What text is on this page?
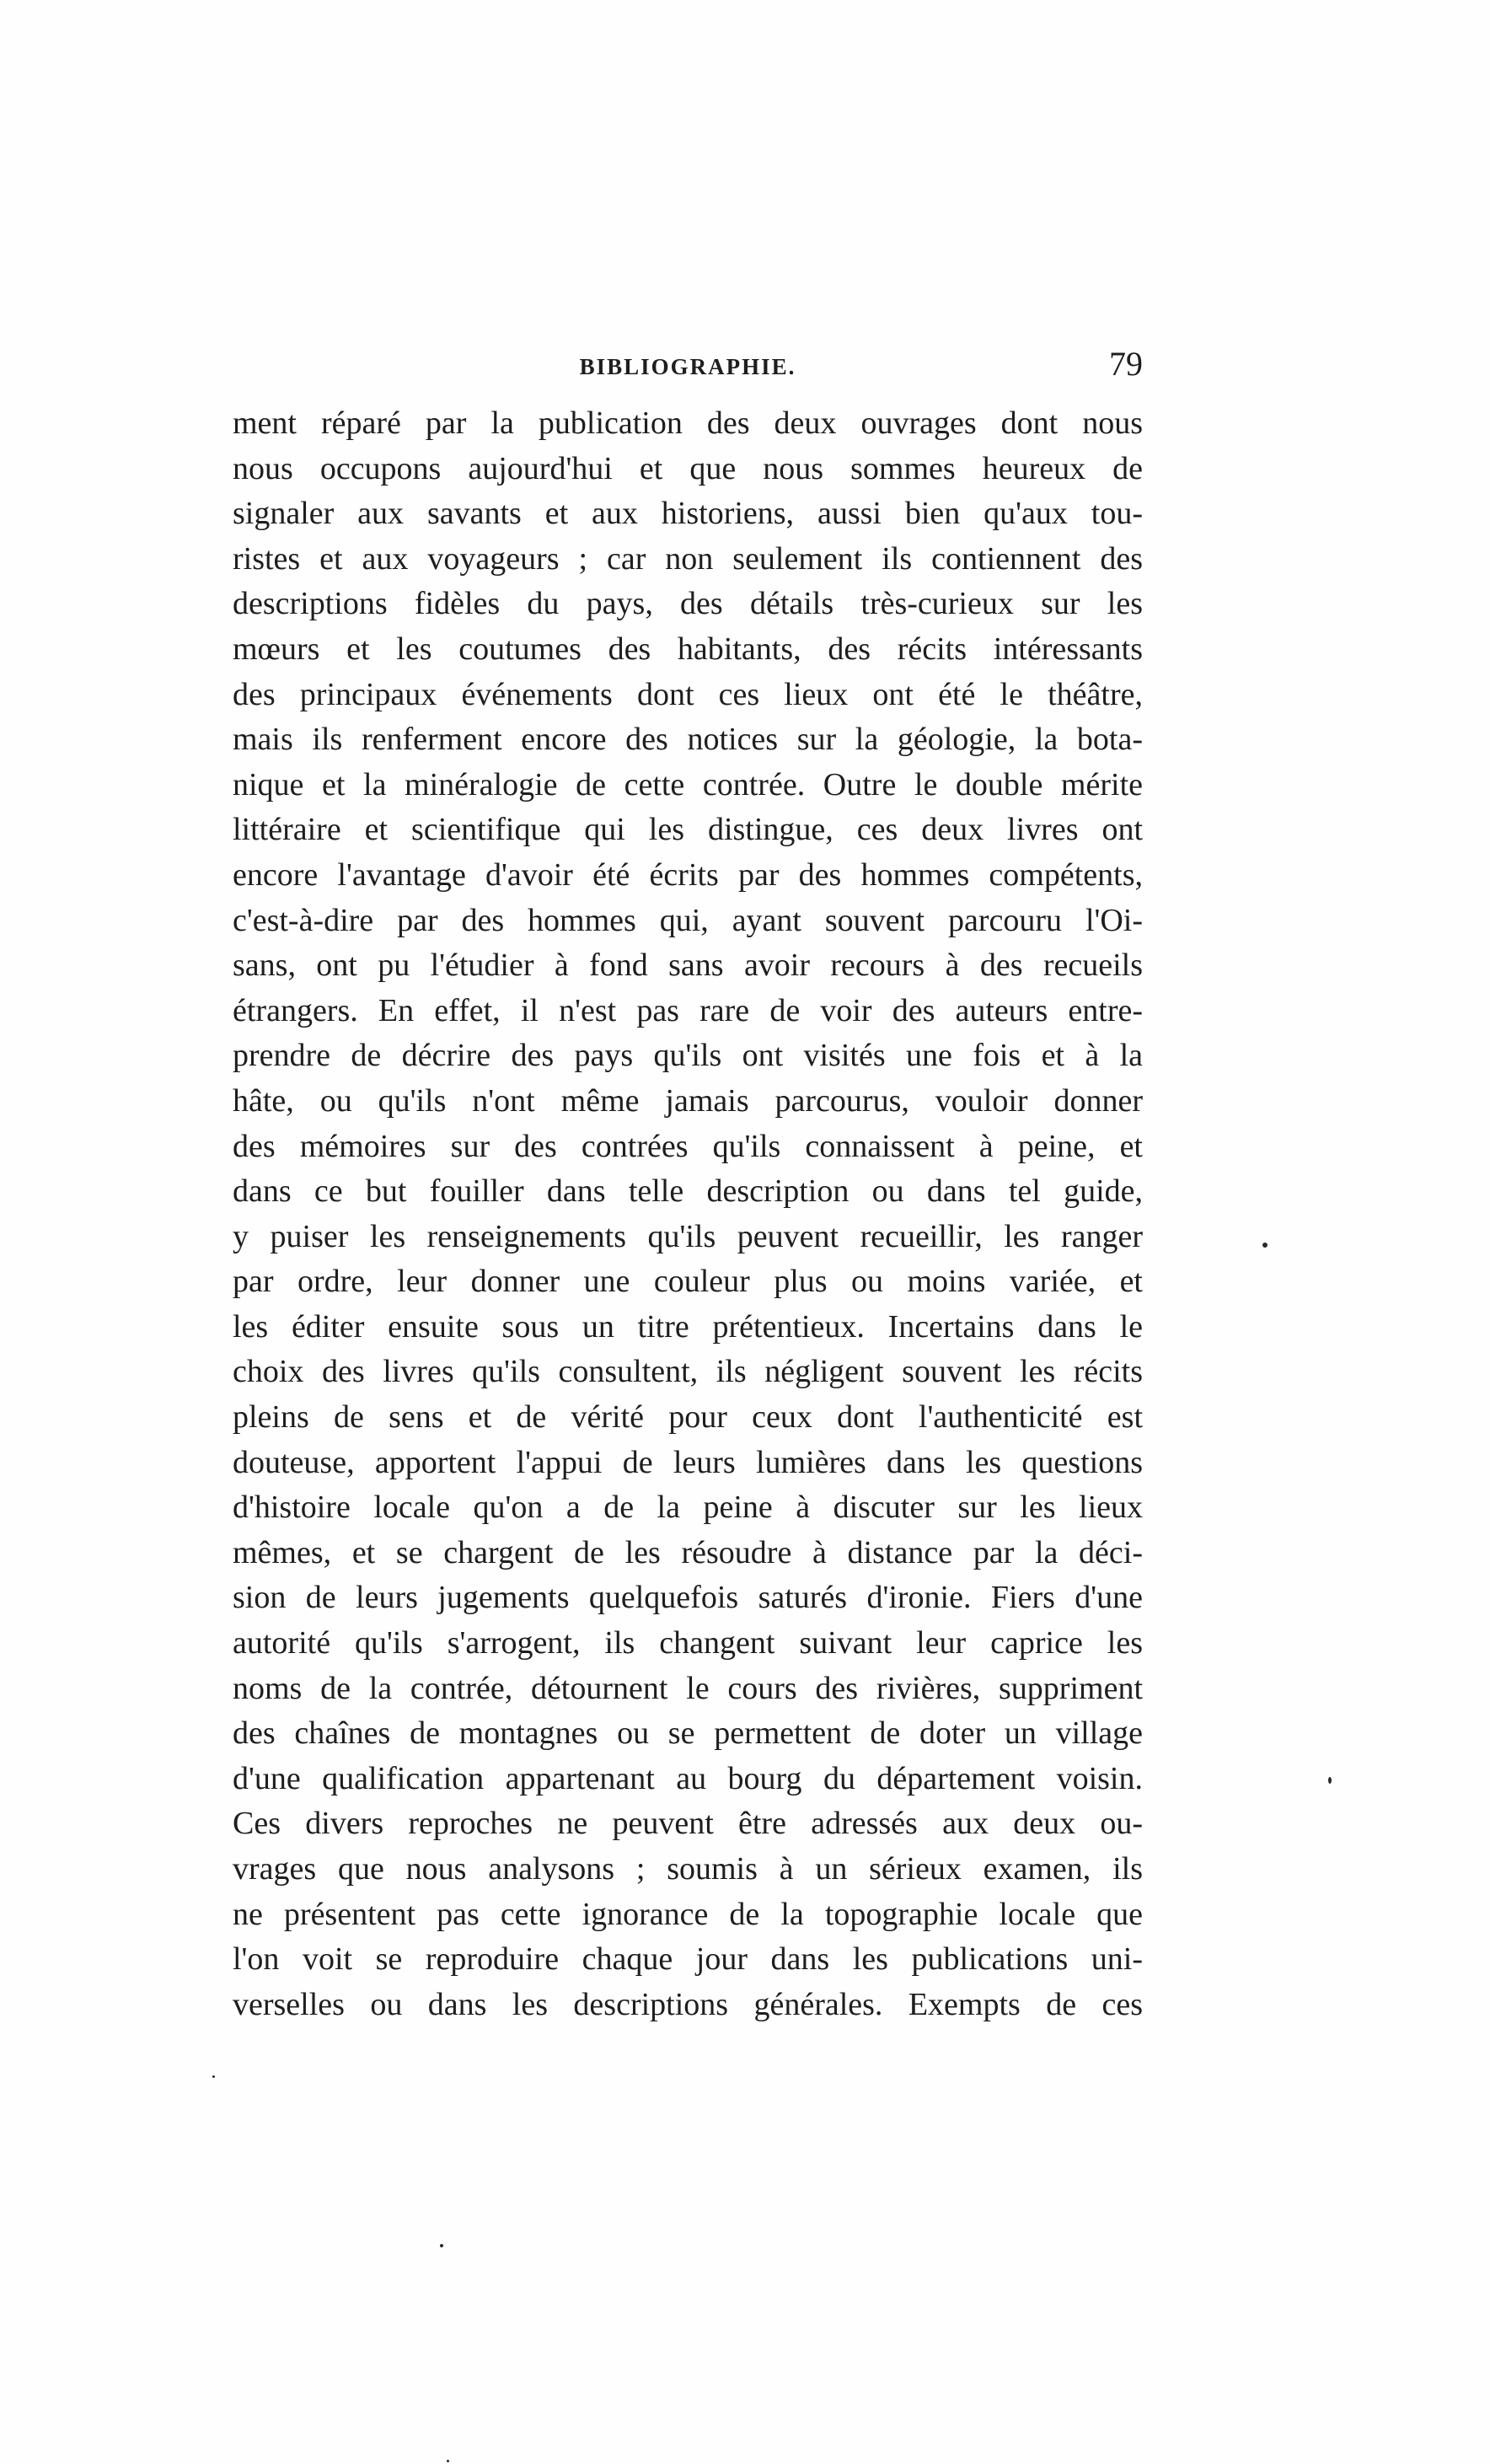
BIBLIOGRAPHIE.	79
ment réparé par la publication des deux ouvrages dont nous
nous occupons aujourd'hui et que nous sommes heureux de
signaler aux savants et aux historiens, aussi bien qu'aux tou-
ristes et aux voyageurs ; car non seulement ils contiennent des
descriptions fidèles du pays, des détails très-curieux sur les
mœurs et les coutumes des habitants, des récits intéressants
des principaux événements dont ces lieux ont été le théâtre,
mais ils renferment encore des notices sur la géologie, la bota-
nique et la minéralogie de cette contrée. Outre le double mérite
littéraire et scientifique qui les distingue, ces deux livres ont
encore l'avantage d'avoir été écrits par des hommes compétents,
c'est-à-dire par des hommes qui, ayant souvent parcouru l'Oi-
sans, ont pu l'étudier à fond sans avoir recours à des recueils
étrangers. En effet, il n'est pas rare de voir des auteurs entre-
prendre de décrire des pays qu'ils ont visités une fois et à la
hâte, ou qu'ils n'ont même jamais parcourus, vouloir donner
des mémoires sur des contrées qu'ils connaissent à peine, et
dans ce but fouiller dans telle description ou dans tel guide,
y puiser les renseignements qu'ils peuvent recueillir, les ranger
par ordre, leur donner une couleur plus ou moins variée, et
les éditer ensuite sous un titre prétentieux. Incertains dans le
choix des livres qu'ils consultent, ils négligent souvent les récits
pleins de sens et de vérité pour ceux dont l'authenticité est
douteuse, apportent l'appui de leurs lumières dans les questions
d'histoire locale qu'on a de la peine à discuter sur les lieux
mêmes, et se chargent de les résoudre à distance par la déci-
sion de leurs jugements quelquefois saturés d'ironie. Fiers d'une
autorité qu'ils s'arrogent, ils changent suivant leur caprice les
noms de la contrée, détournent le cours des rivières, suppriment
des chaînes de montagnes ou se permettent de doter un village
d'une qualification appartenant au bourg du département voisin.
Ces divers reproches ne peuvent être adressés aux deux ou-
vrages que nous analysons ; soumis à un sérieux examen, ils
ne présentent pas cette ignorance de la topographie locale que
l'on voit se reproduire chaque jour dans les publications uni-
verselles ou dans les descriptions générales. Exempts de ces
